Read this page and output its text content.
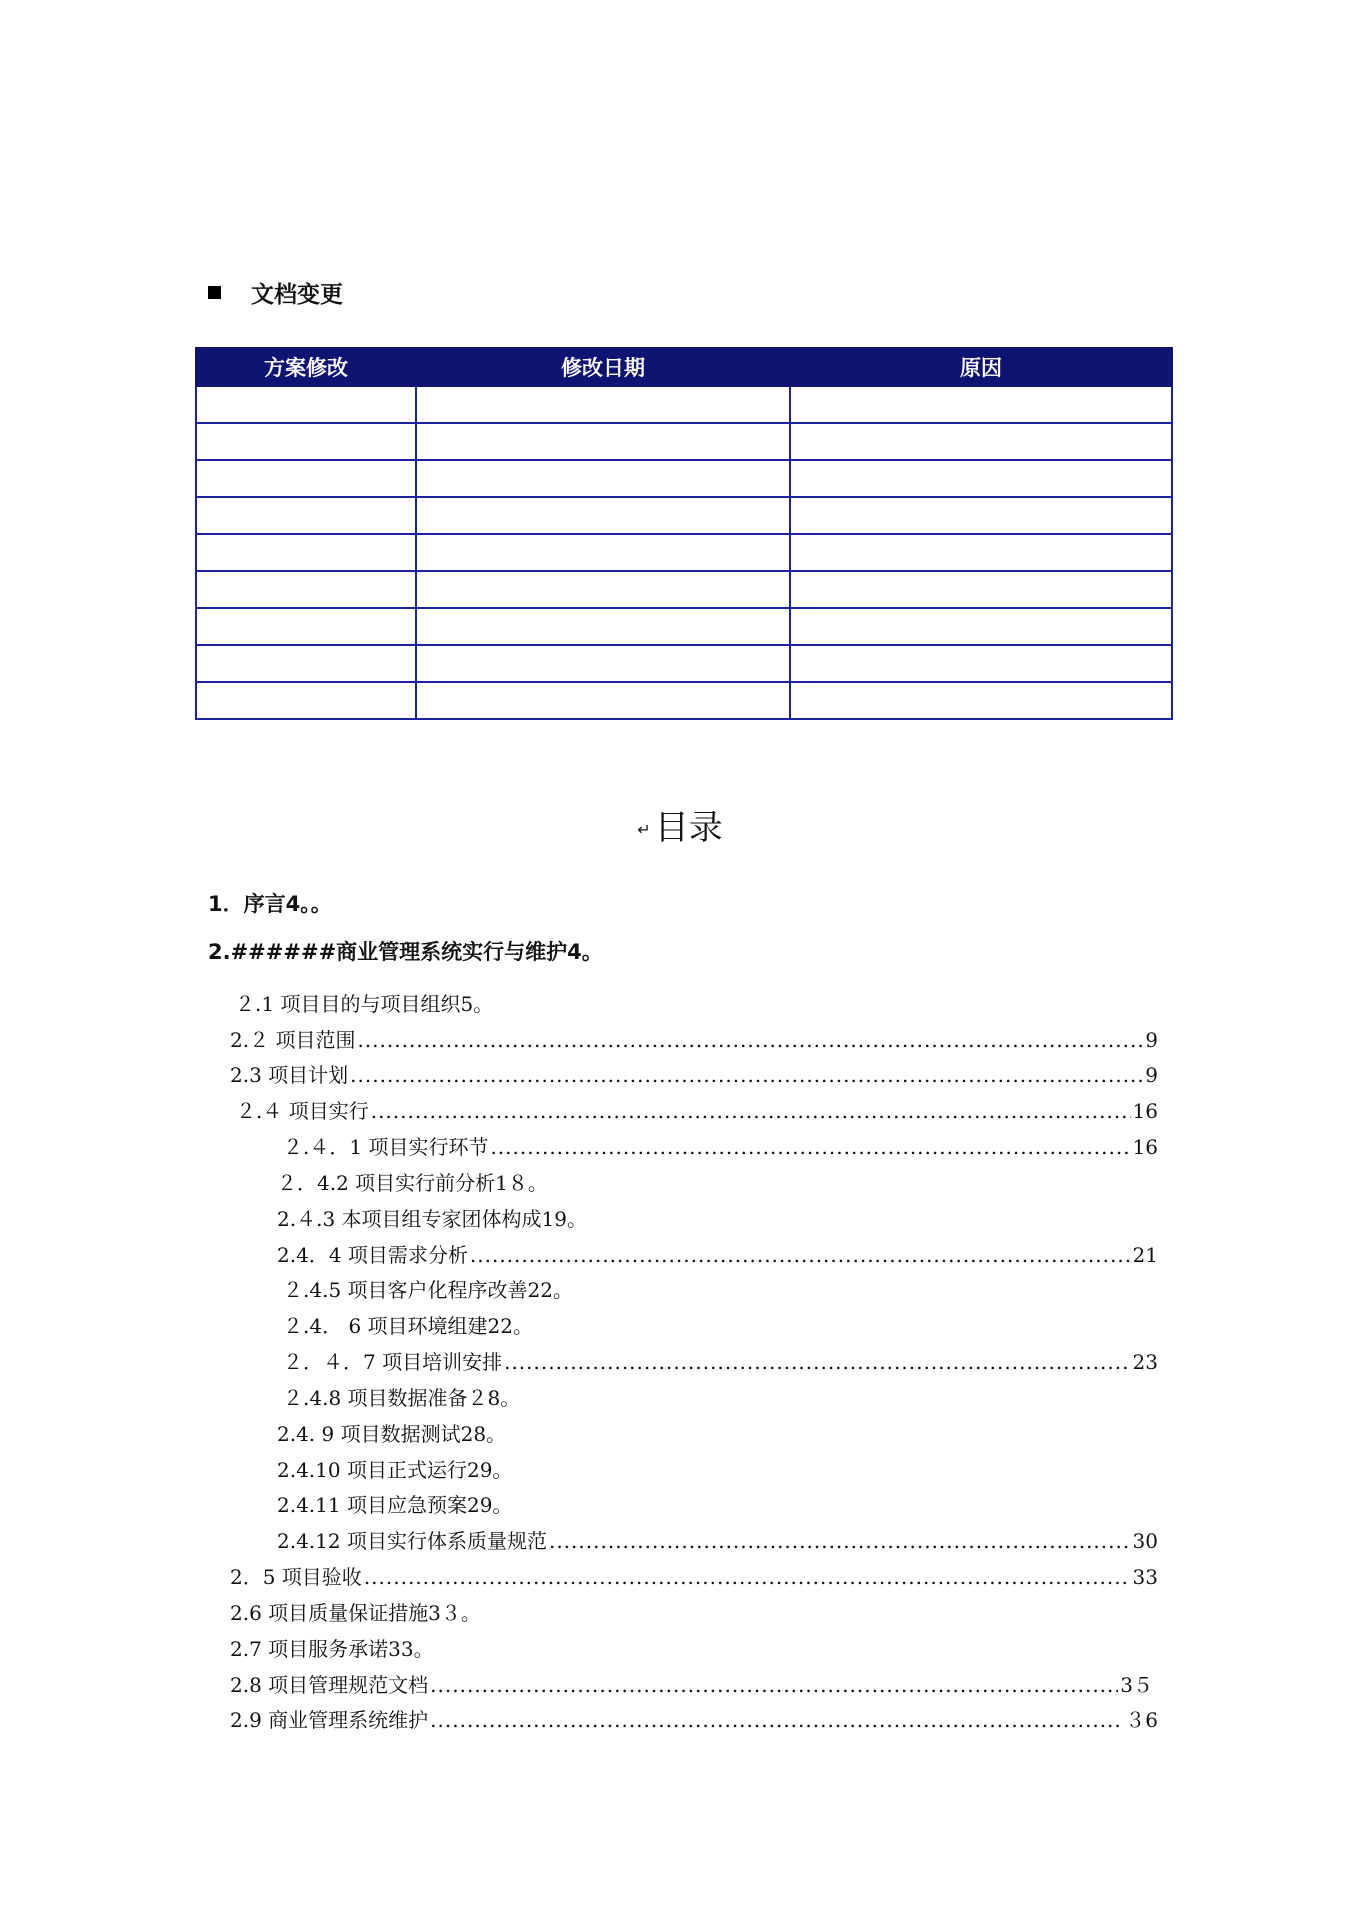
文档变更
方案修改	修改日期	原因

↵ 目录
1．序言4。。
2.######商业管理系统实行与维护4。
２.1 项目目的与项目组织5。
2.２ 项目范围 .....	9
2.3 项目计划 .....	9
２.４ 项目实行 .....	16
２.４．1 项目实行环节 .....	16
２．4.2 项目实行前分析1８。
2.４.3 本项目组专家团体构成19。
2.4．4 项目需求分析 .....	21
２.4.5 项目客户化程序改善22。
２.4． 6 项目环境组建22。
２．４．7 项目培训安排 .....	23
２.4.8 项目数据准备２8。
2.4. 9 项目数据测试28。
2.4.10 项目正式运行29。
2.4.11 项目应急预案29。
2.4.12 项目实行体系质量规范 .....	30
2．5 项目验收 .....	33
2.6 项目质量保证措施3３。
2.7 项目服务承诺33。
2.8 项目管理规范文档 .....	3５
2.9 商业管理系统维护 .....	３6
